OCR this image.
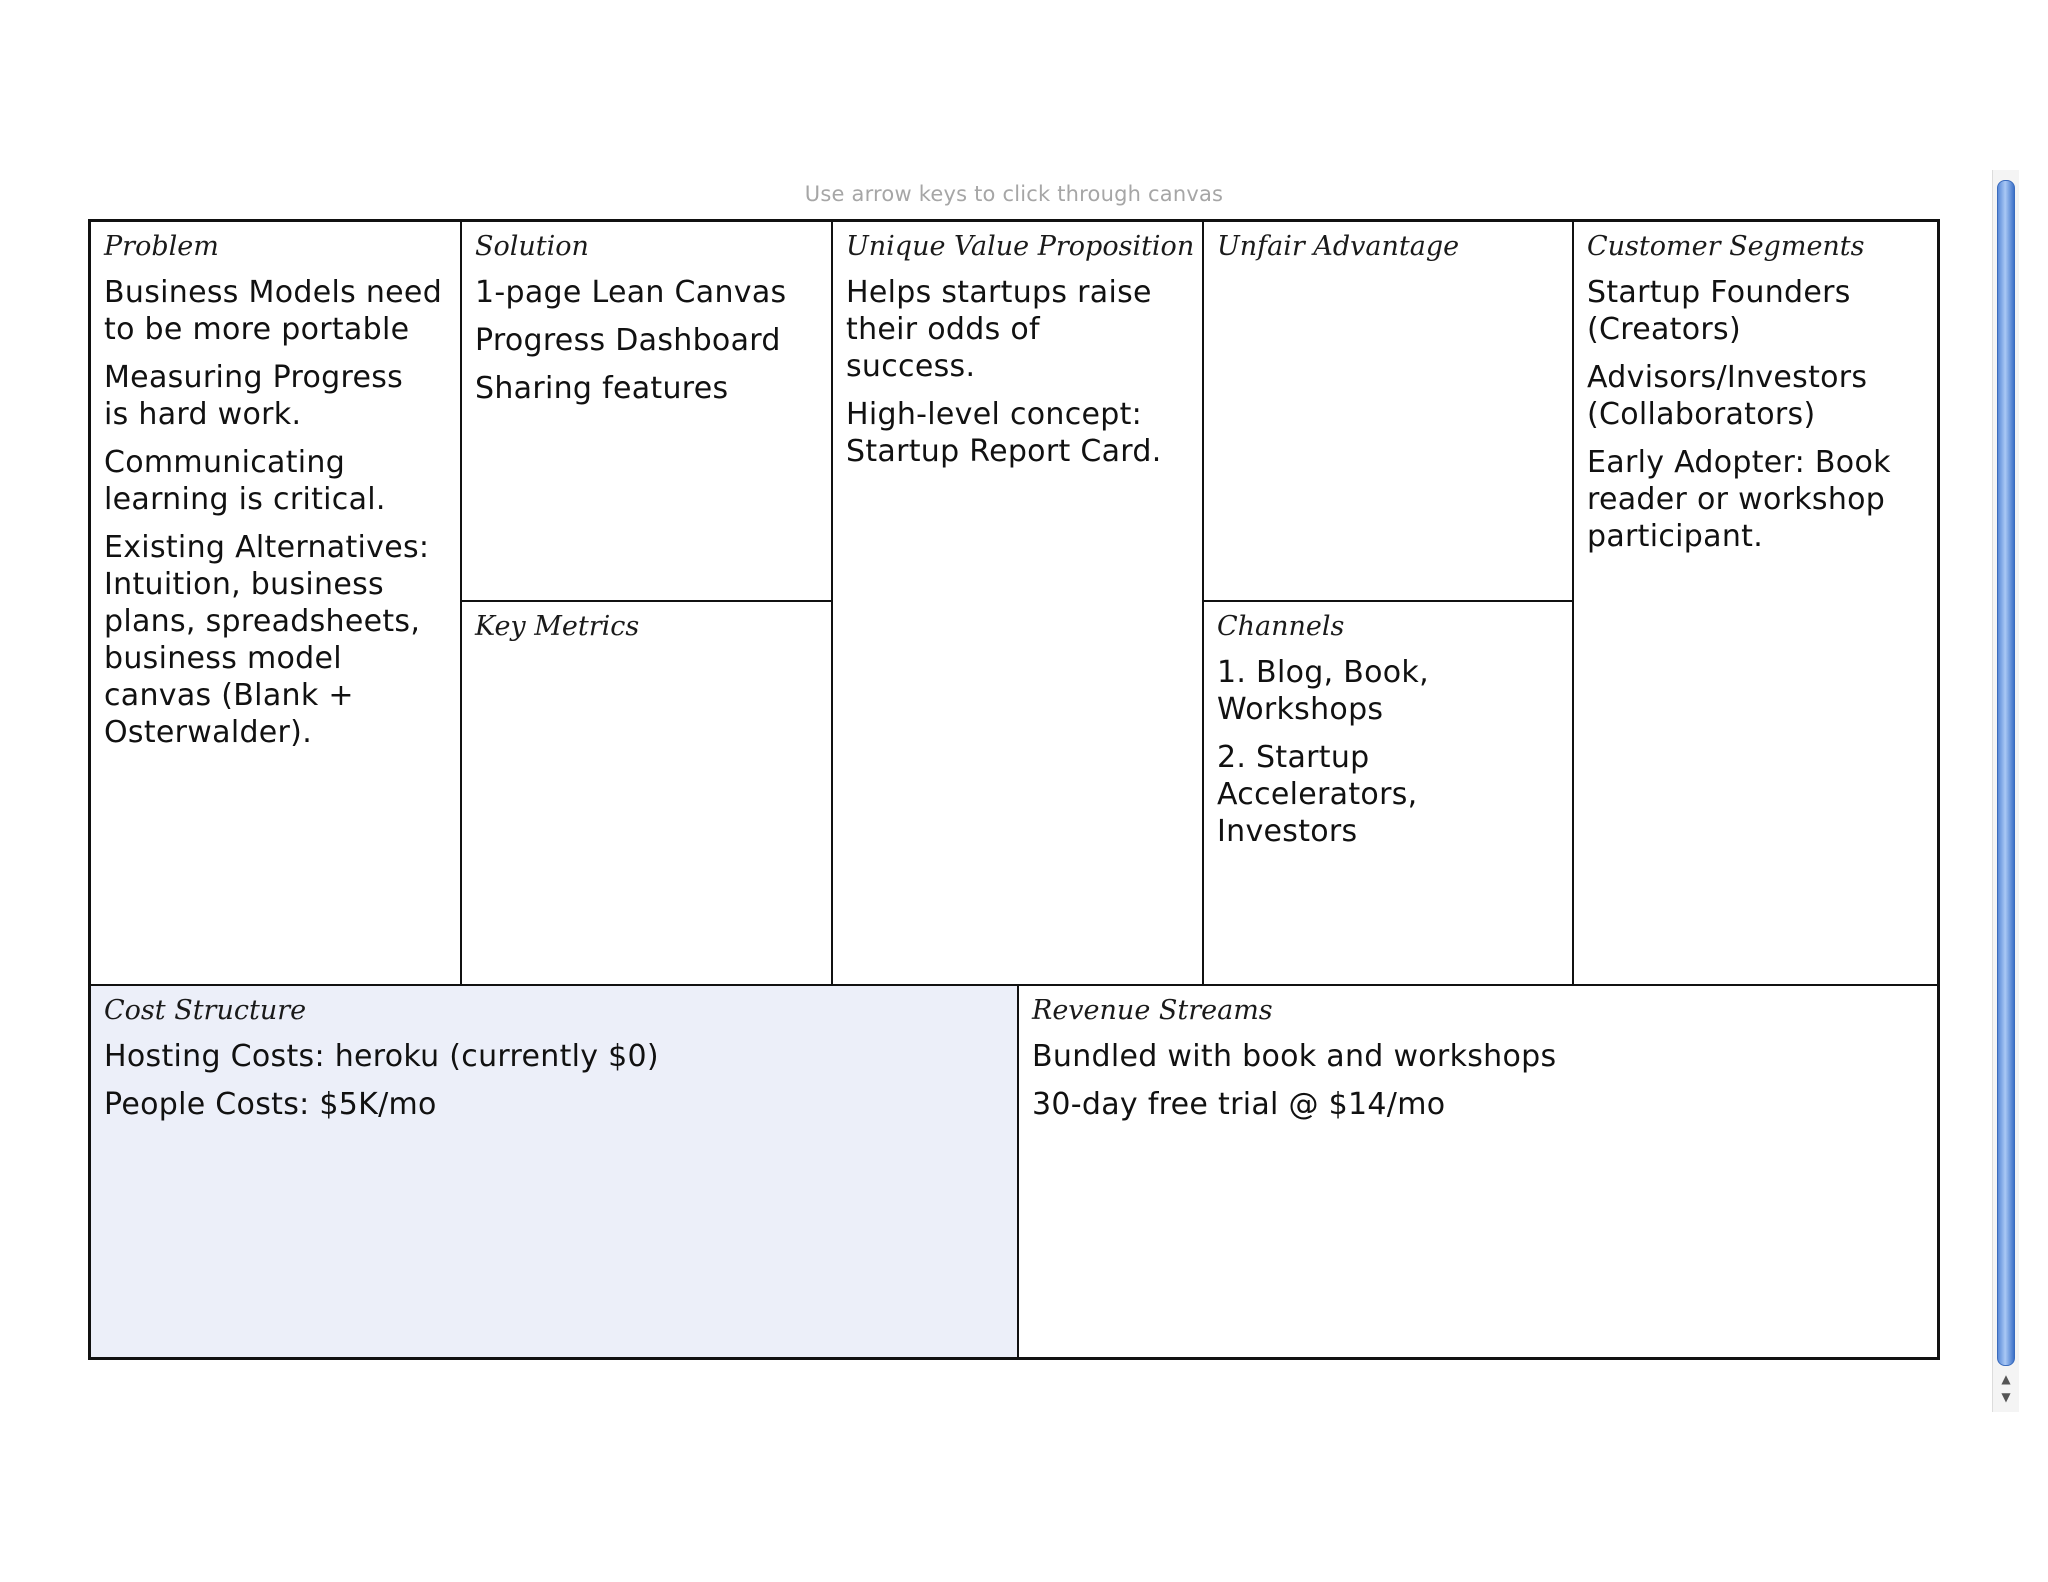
Use arrow keys to click through canvas
Problem
Business Models need to be more portable
Measuring Progress is hard work.
Communicating learning is critical.
Existing Alternatives: Intuition, business plans, spreadsheets, business model canvas (Blank + Osterwalder).
Solution
1-page Lean Canvas
Progress Dashboard
Sharing features
Key Metrics
Unique Value Proposition
Helps startups raise their odds of success.
High-level concept: Startup Report Card.
Unfair Advantage
Channels
1. Blog, Book, Workshops
2. Startup Accelerators, Investors
Customer Segments
Startup Founders (Creators)
Advisors/Investors (Collaborators)
Early Adopter: Book reader or workshop participant.
Cost Structure
Hosting Costs: heroku (currently $0)
People Costs: $5K/mo
Revenue Streams
Bundled with book and workshops
30-day free trial @ $14/mo
▲
▼
